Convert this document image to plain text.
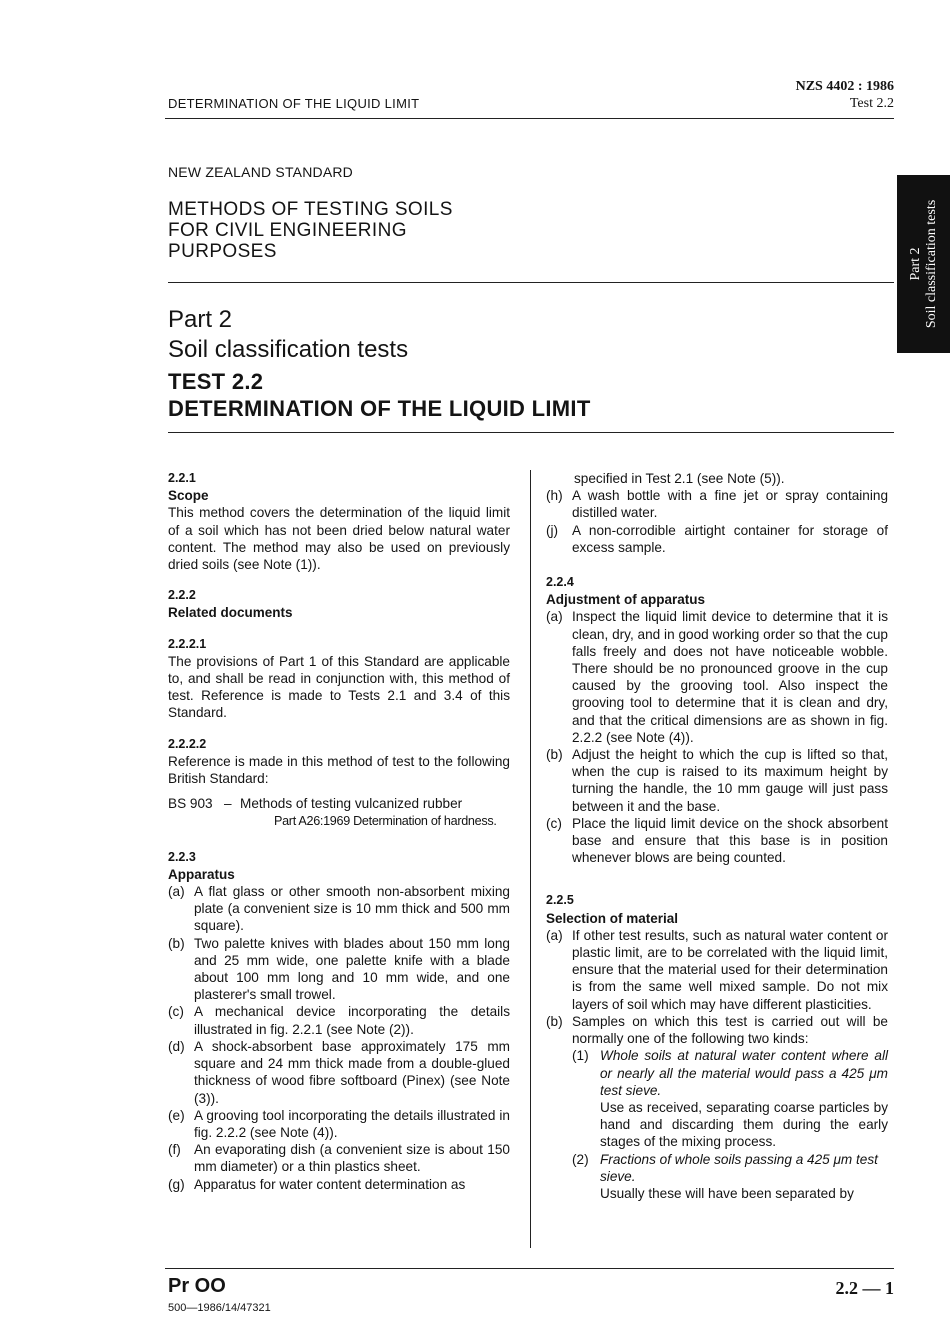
DETERMINATION OF THE LIQUID LIMIT
NZS 4402 : 1986
Test 2.2
NEW ZEALAND STANDARD
METHODS OF TESTING SOILS
FOR CIVIL ENGINEERING
PURPOSES
Part 2
Soil classification tests
TEST 2.2
DETERMINATION OF THE LIQUID LIMIT
Part 2 Soil classification tests

2.2.1

Scope

This method covers the determination of the liquid limit of a soil which has not been dried below natural water content. The method may also be used on previously dried soils (see Note (1)).

2.2.2

Related documents

2.2.2.1

The provisions of Part 1 of this Standard are applicable to, and shall be read in conjunction with, this method of test. Reference is made to Tests 2.1 and 3.4 of this Standard.

2.2.2.2

Reference is made in this method of test to the following British Standard:

BS 903 – Methods of testing vulcanized rubber
Part A26:1969 Determination of hardness.

2.2.3

Apparatus

(a) A flat glass or other smooth non-absorbent mixing plate (a convenient size is 10 mm thick and 500 mm square).
(b) Two palette knives with blades about 150 mm long and 25 mm wide, one palette knife with a blade about 100 mm long and 10 mm wide, and one plasterer's small trowel.
(c) A mechanical device incorporating the details illustrated in fig. 2.2.1 (see Note (2)).
(d) A shock-absorbent base approximately 175 mm square and 24 mm thick made from a double-glued thickness of wood fibre softboard (Pinex) (see Note (3)).
(e) A grooving tool incorporating the details illustrated in fig. 2.2.2 (see Note (4)).
(f) An evaporating dish (a convenient size is about 150 mm diameter) or a thin plastics sheet.
(g) Apparatus for water content determination as

specified in Test 2.1 (see Note (5)).

(h) A wash bottle with a fine jet or spray containing distilled water.
(j)	A non-corrodible airtight container for storage of excess sample.

2.2.4

Adjustment of apparatus

(a) Inspect the liquid limit device to determine that it is clean, dry, and in good working order so that the cup falls freely and does not have noticeable wobble. There should be no pronounced groove in the cup caused by the grooving tool. Also inspect the grooving tool to determine that it is clean and dry, and that the critical dimensions are as shown in fig. 2.2.2 (see Note (4)).
(b) Adjust the height to which the cup is lifted so that, when the cup is raised to its maximum height by turning the handle, the 10 mm gauge will just pass between it and the base.
(c) Place the liquid limit device on the shock absorbent base and ensure that this base is in position whenever blows are being counted.

2.2.5

Selection of material

(a) If other test results, such as natural water content or plastic limit, are to be correlated with the liquid limit, ensure that the material used for their determination is from the same well mixed sample. Do not mix layers of soil which may have different plasticities.
(b) Samples on which this test is carried out will be normally one of the following two kinds:
(1) Whole soils at natural water content where all or nearly all the material would pass a 425 μm test sieve.
Use as received, separating coarse particles by hand and discarding them during the early stages of the mixing process.
(2) Fractions of whole soils passing a 425 μm test sieve.
Usually these will have been separated by
Pr OO
500—1986/14/47321
2.2 — 1
